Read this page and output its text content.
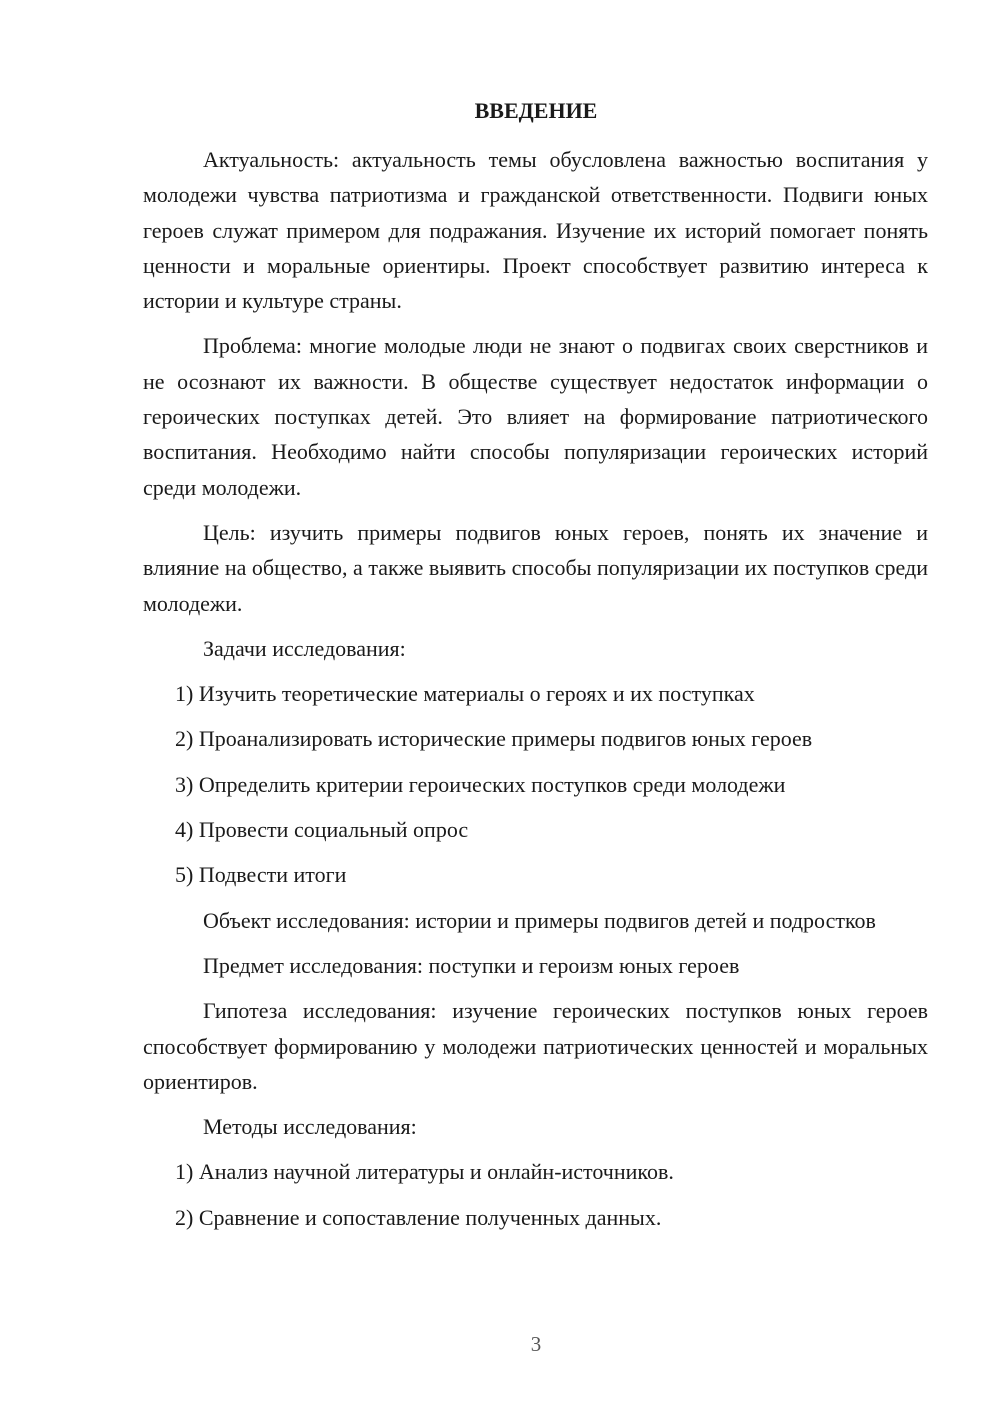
ВВЕДЕНИЕ

Актуальность: актуальность темы обусловлена важностью воспитания у молодежи чувства патриотизма и гражданской ответственности. Подвиги юных героев служат примером для подражания. Изучение их историй помогает понять ценности и моральные ориентиры. Проект способствует развитию интереса к истории и культуре страны.

Проблема: многие молодые люди не знают о подвигах своих сверстников и не осознают их важности. В обществе существует недостаток информации о героических поступках детей. Это влияет на формирование патриотического воспитания. Необходимо найти способы популяризации героических историй среди молодежи.

Цель: изучить примеры подвигов юных героев, понять их значение и влияние на общество, а также выявить способы популяризации их поступков среди молодежи.

Задачи исследования:

1) Изучить теоретические материалы о героях и их поступках
2) Проанализировать исторические примеры подвигов юных героев
3) Определить критерии героических поступков среди молодежи
4) Провести социальный опрос
5) Подвести итоги

Объект исследования: истории и примеры подвигов детей и подростков

Предмет исследования: поступки и героизм юных героев

Гипотеза исследования: изучение героических поступков юных героев способствует формированию у молодежи патриотических ценностей и моральных ориентиров.

Методы исследования:

1) Анализ научной литературы и онлайн-источников.
2) Сравнение и сопоставление полученных данных.
3
